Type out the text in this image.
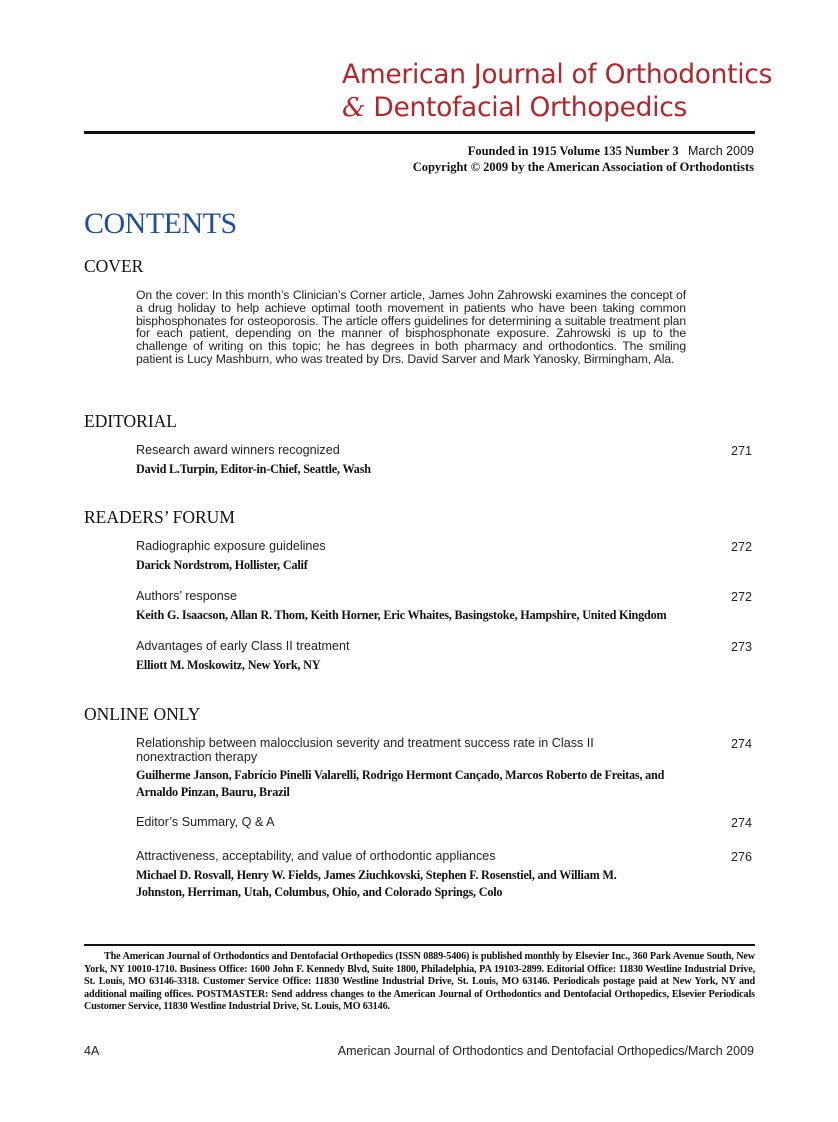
American Journal of Orthodontics
& Dentofacial Orthopedics
Founded in 1915 Volume 135 Number 3 March 2009
Copyright © 2009 by the American Association of Orthodontists
CONTENTS
COVER
On the cover: In this month’s Clinician’s Corner article, James John Zahrowski examines the concept of a drug holiday to help achieve optimal tooth movement in patients who have been taking common bisphosphonates for osteoporosis. The article offers guidelines for determining a suitable treatment plan for each patient, depending on the manner of bisphosphonate exposure. Zahrowski is up to the challenge of writing on this topic; he has degrees in both pharmacy and orthodontics. The smiling patient is Lucy Mashburn, who was treated by Drs. David Sarver and Mark Yanosky, Birmingham, Ala.
EDITORIAL
Research award winners recognized
David L.Turpin, Editor-in-Chief, Seattle, Wash
271
READERS’ FORUM
Radiographic exposure guidelines
Darick Nordstrom, Hollister, Calif
272
Authors’ response
Keith G. Isaacson, Allan R. Thom, Keith Horner, Eric Whaites, Basingstoke, Hampshire, United Kingdom
272
Advantages of early Class II treatment
Elliott M. Moskowitz, New York, NY
273
ONLINE ONLY
Relationship between malocclusion severity and treatment success rate in Class II nonextraction therapy
Guilherme Janson, Fabrício Pinelli Valarelli, Rodrigo Hermont Cançado, Marcos Roberto de Freitas, and Arnaldo Pinzan, Bauru, Brazil
274
Editor’s Summary, Q & A	274
Attractiveness, acceptability, and value of orthodontic appliances
Michael D. Rosvall, Henry W. Fields, James Ziuchkovski, Stephen F. Rosenstiel, and William M. Johnston, Herriman, Utah, Columbus, Ohio, and Colorado Springs, Colo
276
The American Journal of Orthodontics and Dentofacial Orthopedics (ISSN 0889-5406) is published monthly by Elsevier Inc., 360 Park Avenue South, New York, NY 10010-1710. Business Office: 1600 John F. Kennedy Blvd, Suite 1800, Philadelphia, PA 19103-2899. Editorial Office: 11830 Westline Industrial Drive, St. Louis, MO 63146-3318. Customer Service Office: 11830 Westline Industrial Drive, St. Louis, MO 63146. Periodicals postage paid at New York, NY and additional mailing offices. POSTMASTER: Send address changes to the American Journal of Orthodontics and Dentofacial Orthopedics, Elsevier Periodicals Customer Service, 11830 Westline Industrial Drive, St. Louis, MO 63146.
4A	American Journal of Orthodontics and Dentofacial Orthopedics/March 2009
